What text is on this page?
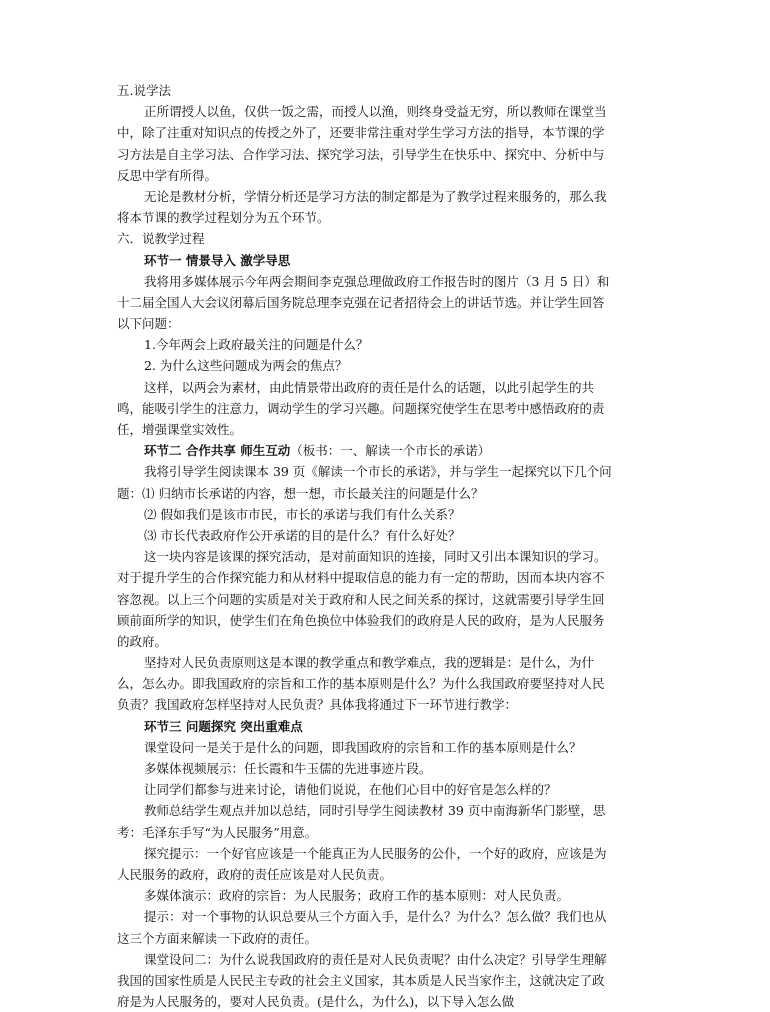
五.说学法
正所谓授人以鱼，仅供一饭之需，而授人以渔，则终身受益无穷，所以教师在课堂当
中，除了注重对知识点的传授之外了，还要非常注重对学生学习方法的指导，本节课的学
习方法是自主学习法、合作学习法、探究学习法，引导学生在快乐中、探究中、分析中与
反思中学有所得。
无论是教材分析，学情分析还是学习方法的制定都是为了教学过程来服务的，那么我
将本节课的教学过程划分为五个环节。
六．说教学过程
环节一 情景导入 激学导思
我将用多媒体展示今年两会期间李克强总理做政府工作报告时的图片（3 月 5 日）和
十二届全国人大会议闭幕后国务院总理李克强在记者招待会上的讲话节选。并让学生回答
以下问题：
1.今年两会上政府最关注的问题是什么？
2. 为什么这些问题成为两会的焦点？
这样，以两会为素材，由此情景带出政府的责任是什么的话题，以此引起学生的共
鸣，能吸引学生的注意力，调动学生的学习兴趣。问题探究使学生在思考中感悟政府的责
任，增强课堂实效性。
环节二 合作共享 师生互动（板书：一、解读一个市长的承诺）
我将引导学生阅读课本 39 页《解读一个市长的承诺》，并与学生一起探究以下几个问
题：⑴ 归纳市长承诺的内容，想一想，市长最关注的问题是什么？
⑵ 假如我们是该市市民，市长的承诺与我们有什么关系？
⑶ 市长代表政府作公开承诺的目的是什么？有什么好处？
这一块内容是该课的探究活动，是对前面知识的连接，同时又引出本课知识的学习。
对于提升学生的合作探究能力和从材料中提取信息的能力有一定的帮助，因而本块内容不
容忽视。以上三个问题的实质是对关于政府和人民之间关系的探讨，这就需要引导学生回
顾前面所学的知识，使学生们在角色换位中体验我们的政府是人民的政府，是为人民服务
的政府。
坚持对人民负责原则这是本课的教学重点和教学难点，我的逻辑是：是什么，为什
么，怎么办。即我国政府的宗旨和工作的基本原则是什么？为什么我国政府要坚持对人民
负责？我国政府怎样坚持对人民负责？具体我将通过下一环节进行教学：
环节三 问题探究 突出重难点
课堂设问一是关于是什么的问题，即我国政府的宗旨和工作的基本原则是什么？
多媒体视频展示：任长霞和牛玉儒的先进事迹片段。
让同学们都参与进来讨论，请他们说说，在他们心目中的好官是怎么样的？
教师总结学生观点并加以总结，同时引导学生阅读教材 39 页中南海新华门影壁，思
考：毛泽东手写“为人民服务”用意。
探究提示：一个好官应该是一个能真正为人民服务的公仆，一个好的政府，应该是为
人民服务的政府，政府的责任应该是对人民负责。
多媒体演示：政府的宗旨：为人民服务；政府工作的基本原则：对人民负责。
提示：对一个事物的认识总要从三个方面入手，是什么？为什么？怎么做？我们也从
这三个方面来解读一下政府的责任。
课堂设问二：为什么说我国政府的责任是对人民负责呢？由什么决定？引导学生理解
我国的国家性质是人民民主专政的社会主义国家，其本质是人民当家作主，这就决定了政
府是为人民服务的，要对人民负责。(是什么，为什么)，以下导入怎么做
